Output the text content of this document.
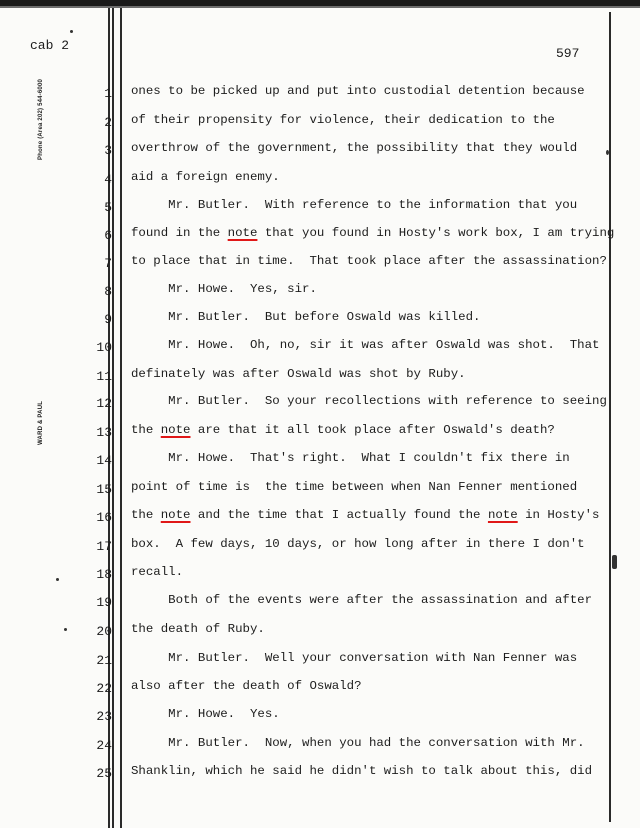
cab 2
597
Phone (Area 202) 544-6000
WARD & PAUL
1 ones to be picked up and put into custodial detention because
2 of their propensity for violence, their dedication to the
3 overthrow of the government, the possibility that they would
4 aid a foreign enemy.
5 Mr. Butler.  With reference to the information that you
6 found in the note that you found in Hosty's work box, I am trying
7 to place that in time.  That took place after the assassination?
8 Mr. Howe.  Yes, sir.
9 Mr. Butler.  But before Oswald was killed.
10 Mr. Howe.  Oh, no, sir it was after Oswald was shot.  That
11 definately was after Oswald was shot by Ruby.
12 Mr. Butler.  So your recollections with reference to seeing
13 the note are that it all took place after Oswald's death?
14 Mr. Howe.  That's right.  What I couldn't fix there in
15 point of time is  the time between when Nan Fenner mentioned
16 the note and the time that I actually found the note in Hosty's
17 box.  A few days, 10 days, or how long after in there I don't
18 recall.
19 Both of the events were after the assassination and after
20 the death of Ruby.
21 Mr. Butler.  Well your conversation with Nan Fenner was
22 also after the death of Oswald?
23 Mr. Howe.  Yes.
24 Mr. Butler.  Now, when you had the conversation with Mr.
25 Shanklin, which he said he didn't wish to talk about this, did
